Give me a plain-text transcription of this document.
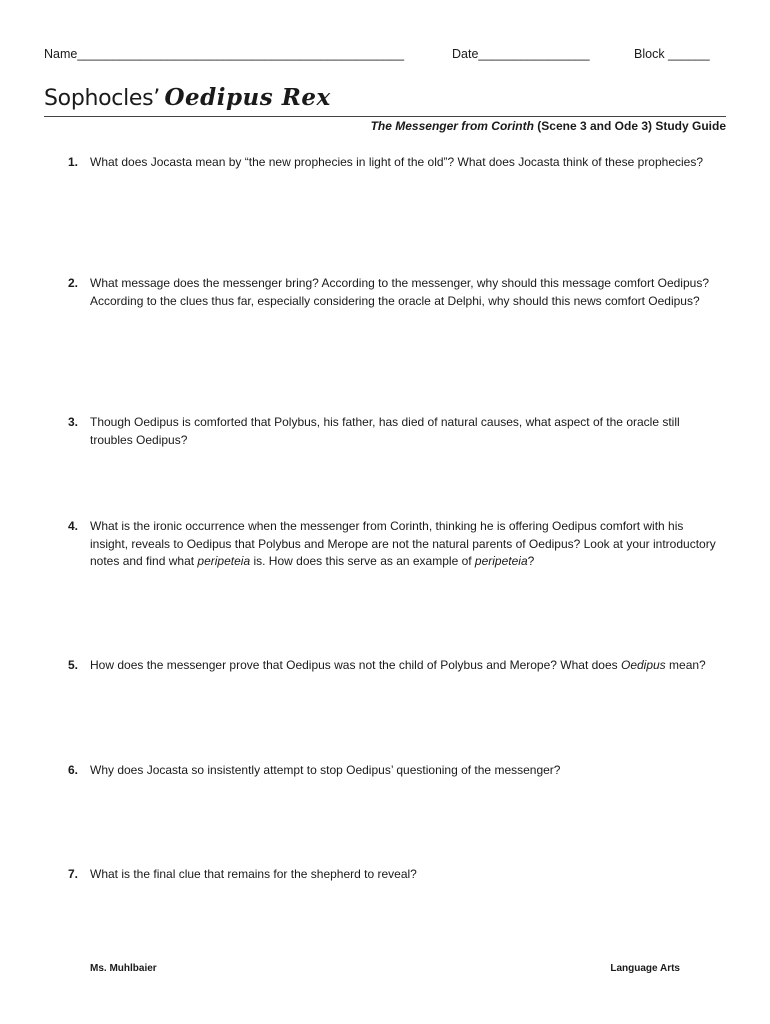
Name_______________________________________________	Date________________	Block ______
Sophocles’ Oedipus Rex
The Messenger from Corinth (Scene 3 and Ode 3) Study Guide
1. What does Jocasta mean by “the new prophecies in light of the old”? What does Jocasta think of these prophecies?
2. What message does the messenger bring? According to the messenger, why should this message comfort Oedipus? According to the clues thus far, especially considering the oracle at Delphi, why should this news comfort Oedipus?
3. Though Oedipus is comforted that Polybus, his father, has died of natural causes, what aspect of the oracle still troubles Oedipus?
4. What is the ironic occurrence when the messenger from Corinth, thinking he is offering Oedipus comfort with his insight, reveals to Oedipus that Polybus and Merope are not the natural parents of Oedipus? Look at your introductory notes and find what peripeteia is. How does this serve as an example of peripeteia?
5. How does the messenger prove that Oedipus was not the child of Polybus and Merope? What does Oedipus mean?
6. Why does Jocasta so insistently attempt to stop Oedipus’ questioning of the messenger?
7. What is the final clue that remains for the shepherd to reveal?
Ms. Muhlbaier	Language Arts
